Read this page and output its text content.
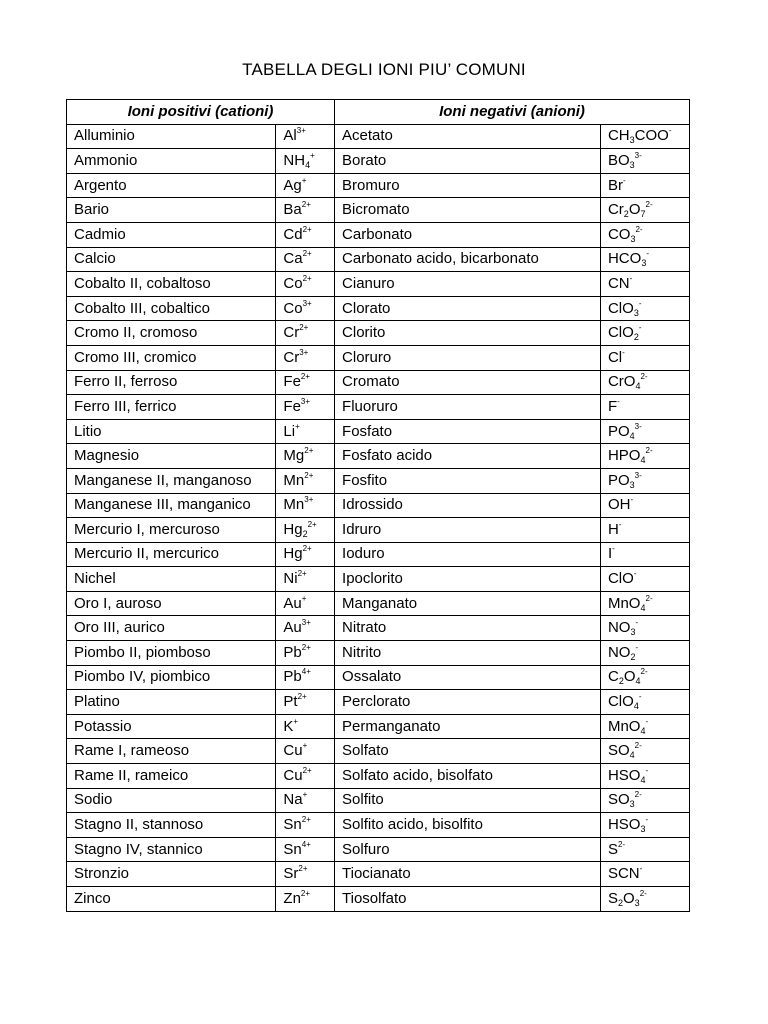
TABELLA DEGLI IONI PIU’ COMUNI
Ioni positivi (cationi)		Ioni negativi (anioni)	
Alluminio	$Al^{3+}$	Acetato	$CH_3COO^-$
Ammonio	$NH_4^+$	Borato	$BO_3^{3-}$
Argento	Ag+	Bromuro	Br-
Bario	$Ba^{2+}$	Bicromato	$Cr_2O_7^{2-}$
Cadmio	$Cd^{2+}$	Carbonato	$CO_3^{2-}$
Calcio	$Ca^{2+}$	Carbonato acido, bicarbonato	$HCO_3^-$
Cobalto II, cobaltoso	$Co^{2+}$	Cianuro	CN-
Cobalto III, cobaltico	$Co^{3+}$	Clorato	ClO$_3$-
Cromo II, cromoso	$Cr^{2+}$	Clorito	ClO$_2$-
Cromo III, cromico	$Cr^{3+}$	Cloruro	Cl-
Ferro II, ferroso	$Fe^{2+}$	Cromato	CrO$_4^{2-}$
Ferro III, ferrico	$Fe^{3+}$	Fluoruro	F-
Litio	Li+	Fosfato	$PO_4^{3-}$
Magnesio	$Mg^{2+}$	Fosfato acido	$HPO_4^{2-}$
Manganese II, manganoso	$Mn^{2+}$	Fosfito	$PO_3^{3-}$
Manganese III, manganico	$Mn^{3+}$	Idrossido	OH-
Mercurio I, mercuroso	$Hg_2^{2+}$	Idruro	H-
Mercurio II, mercurico	$Hg^{2+}$	Ioduro	I-
Nichel	$Ni^{2+}$	Ipoclorito	ClO-
Oro I, auroso	Au+	Manganato	MnO$_4^{2-}$
Oro III, aurico	$Au^{3+}$	Nitrato	$NO_3^-$
Piombo II, piomboso	$Pb^{2+}$	Nitrito	$NO_2^-$
Piombo IV, piombico	$Pb^{4+}$	Ossalato	$C_2O_4^{2-}$
Platino	$Pt^{2+}$	Perclorato	ClO$_4$-
Potassio	K+	Permanganato	MnO$_4$-
Rame I, rameoso	Cu+	Solfato	$SO_4^{2-}$
Rame II, rameico	$Cu^{2+}$	Solfato acido, bisolfato	$HSO_4^-$
Sodio	Na+	Solfito	$SO_3^{2-}$
Stagno II, stannoso	$Sn^{2+}$	Solfito acido, bisolfito	$HSO_3^-$
Stagno IV, stannico	$Sn^{4+}$	Solfuro	$S^{2-}$
Stronzio	$Sr^{2+}$	Tiocianato	SCN-
Zinco	$Zn^{2+}$	Tiosolfato	$S_2O_3^{2-}$
